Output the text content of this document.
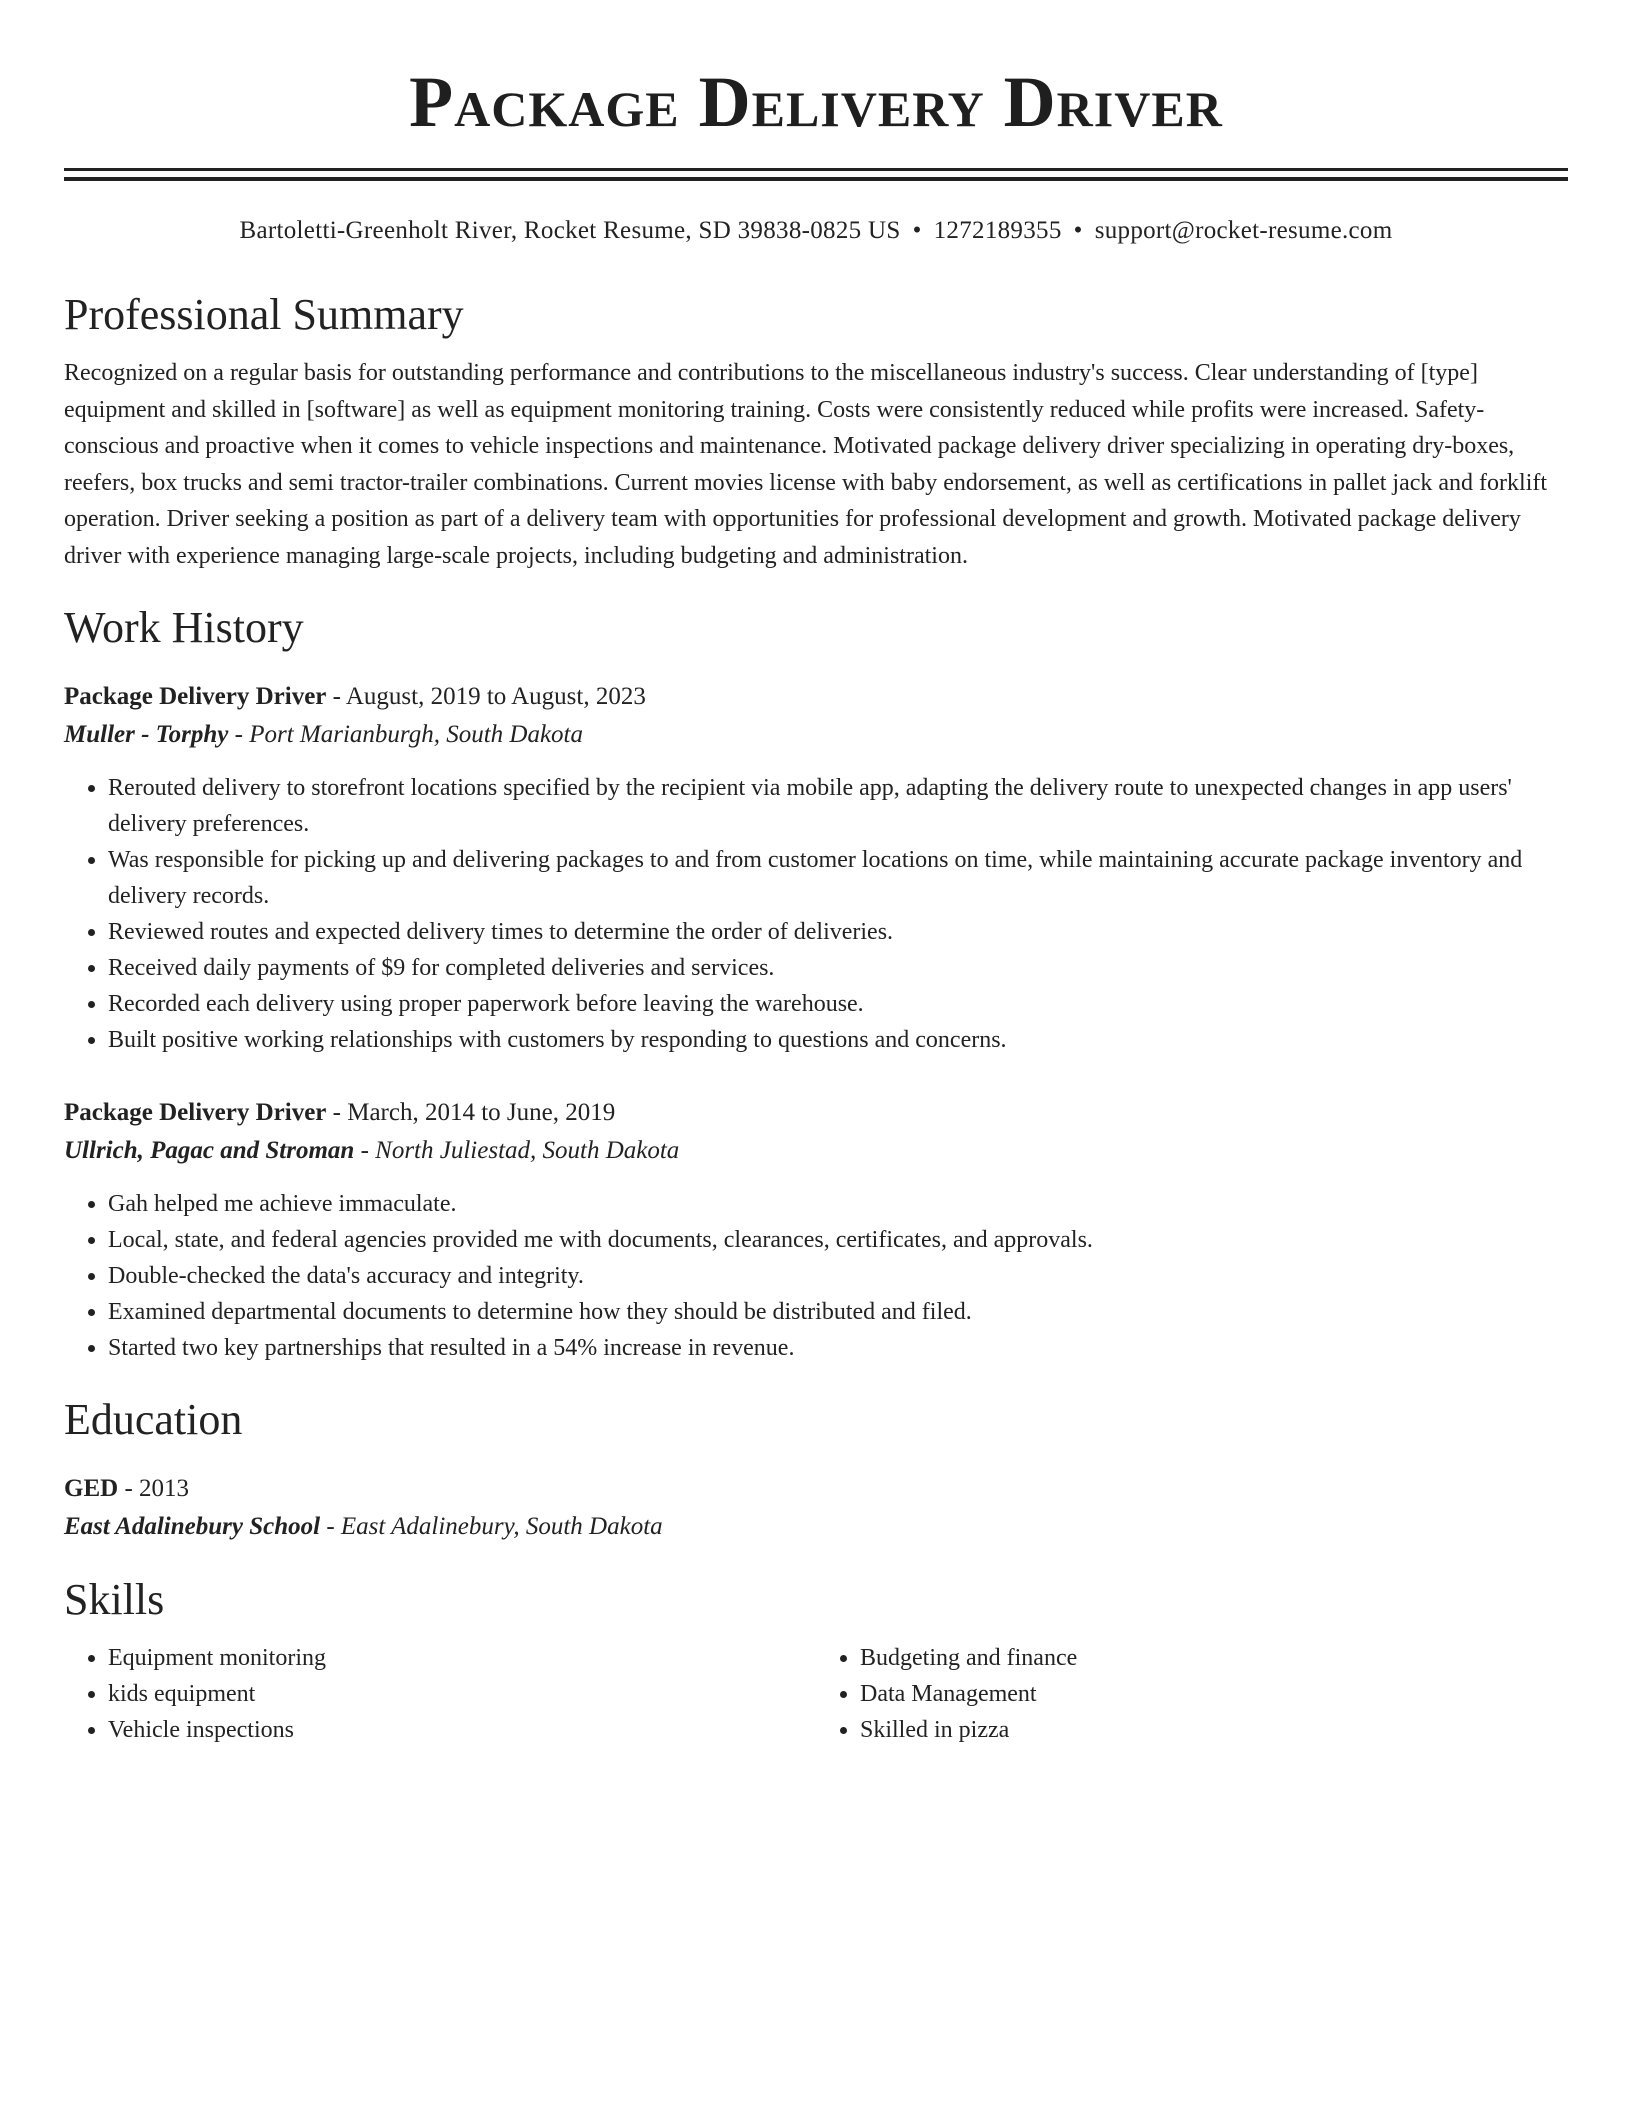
Package Delivery Driver
Bartoletti-Greenholt River, Rocket Resume, SD 39838-0825 US • 1272189355 • support@rocket-resume.com
Professional Summary
Recognized on a regular basis for outstanding performance and contributions to the miscellaneous industry's success. Clear understanding of [type] equipment and skilled in [software] as well as equipment monitoring training. Costs were consistently reduced while profits were increased. Safety-conscious and proactive when it comes to vehicle inspections and maintenance. Motivated package delivery driver specializing in operating dry-boxes, reefers, box trucks and semi tractor-trailer combinations. Current movies license with baby endorsement, as well as certifications in pallet jack and forklift operation. Driver seeking a position as part of a delivery team with opportunities for professional development and growth. Motivated package delivery driver with experience managing large-scale projects, including budgeting and administration.
Work History
Package Delivery Driver - August, 2019 to August, 2023
Muller - Torphy - Port Marianburgh, South Dakota
• Rerouted delivery to storefront locations specified by the recipient via mobile app, adapting the delivery route to unexpected changes in app users' delivery preferences.
• Was responsible for picking up and delivering packages to and from customer locations on time, while maintaining accurate package inventory and delivery records.
• Reviewed routes and expected delivery times to determine the order of deliveries.
• Received daily payments of $9 for completed deliveries and services.
• Recorded each delivery using proper paperwork before leaving the warehouse.
• Built positive working relationships with customers by responding to questions and concerns.
Package Delivery Driver - March, 2014 to June, 2019
Ullrich, Pagac and Stroman - North Juliestad, South Dakota
• Gah helped me achieve immaculate.
• Local, state, and federal agencies provided me with documents, clearances, certificates, and approvals.
• Double-checked the data's accuracy and integrity.
• Examined departmental documents to determine how they should be distributed and filed.
• Started two key partnerships that resulted in a 54% increase in revenue.
Education
GED - 2013
East Adalinebury School - East Adalinebury, South Dakota
Skills
• Equipment monitoring
• kids equipment
• Vehicle inspections
• Budgeting and finance
• Data Management
• Skilled in pizza
